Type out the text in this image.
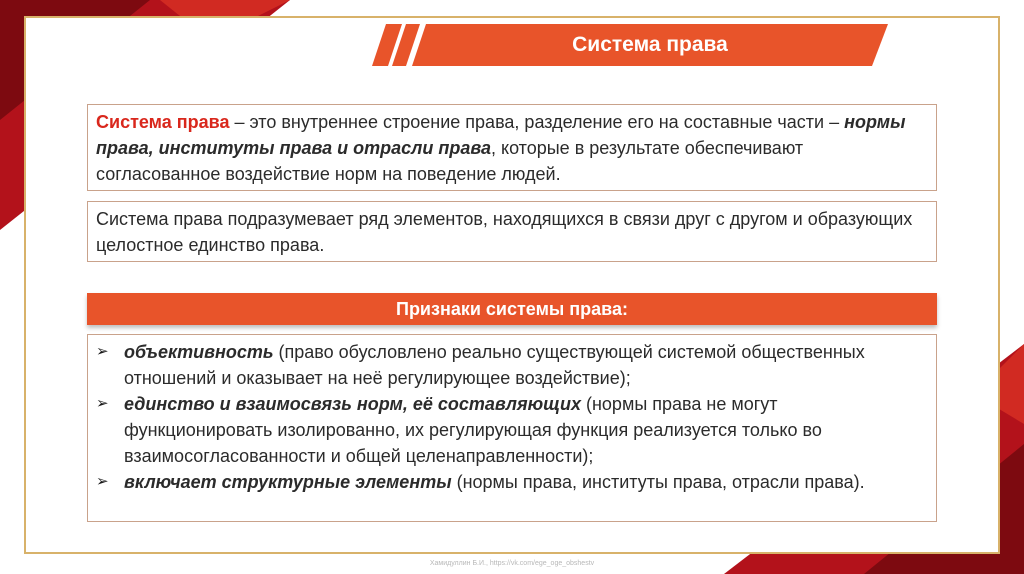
Система права
Система права – это внутреннее строение права, разделение его на составные части – нормы права, институты права и отрасли права, которые в результате обеспечивают согласованное воздействие норм на поведение людей.
Система права подразумевает ряд элементов, находящихся в связи друг с другом и образующих целостное единство права.
Признаки системы права:
➢ объективность (право обусловлено реально существующей системой общественных отношений и оказывает на неё регулирующее воздействие);
➢ единство и взаимосвязь норм, её составляющих (нормы права не могут функционировать изолированно, их регулирующая функция реализуется только во взаимосогласованности и общей целенаправленности);
➢ включает структурные элементы (нормы права, институты права, отрасли права).
Хамидуллин Б.И., https://vk.com/ege_oge_obshestv
